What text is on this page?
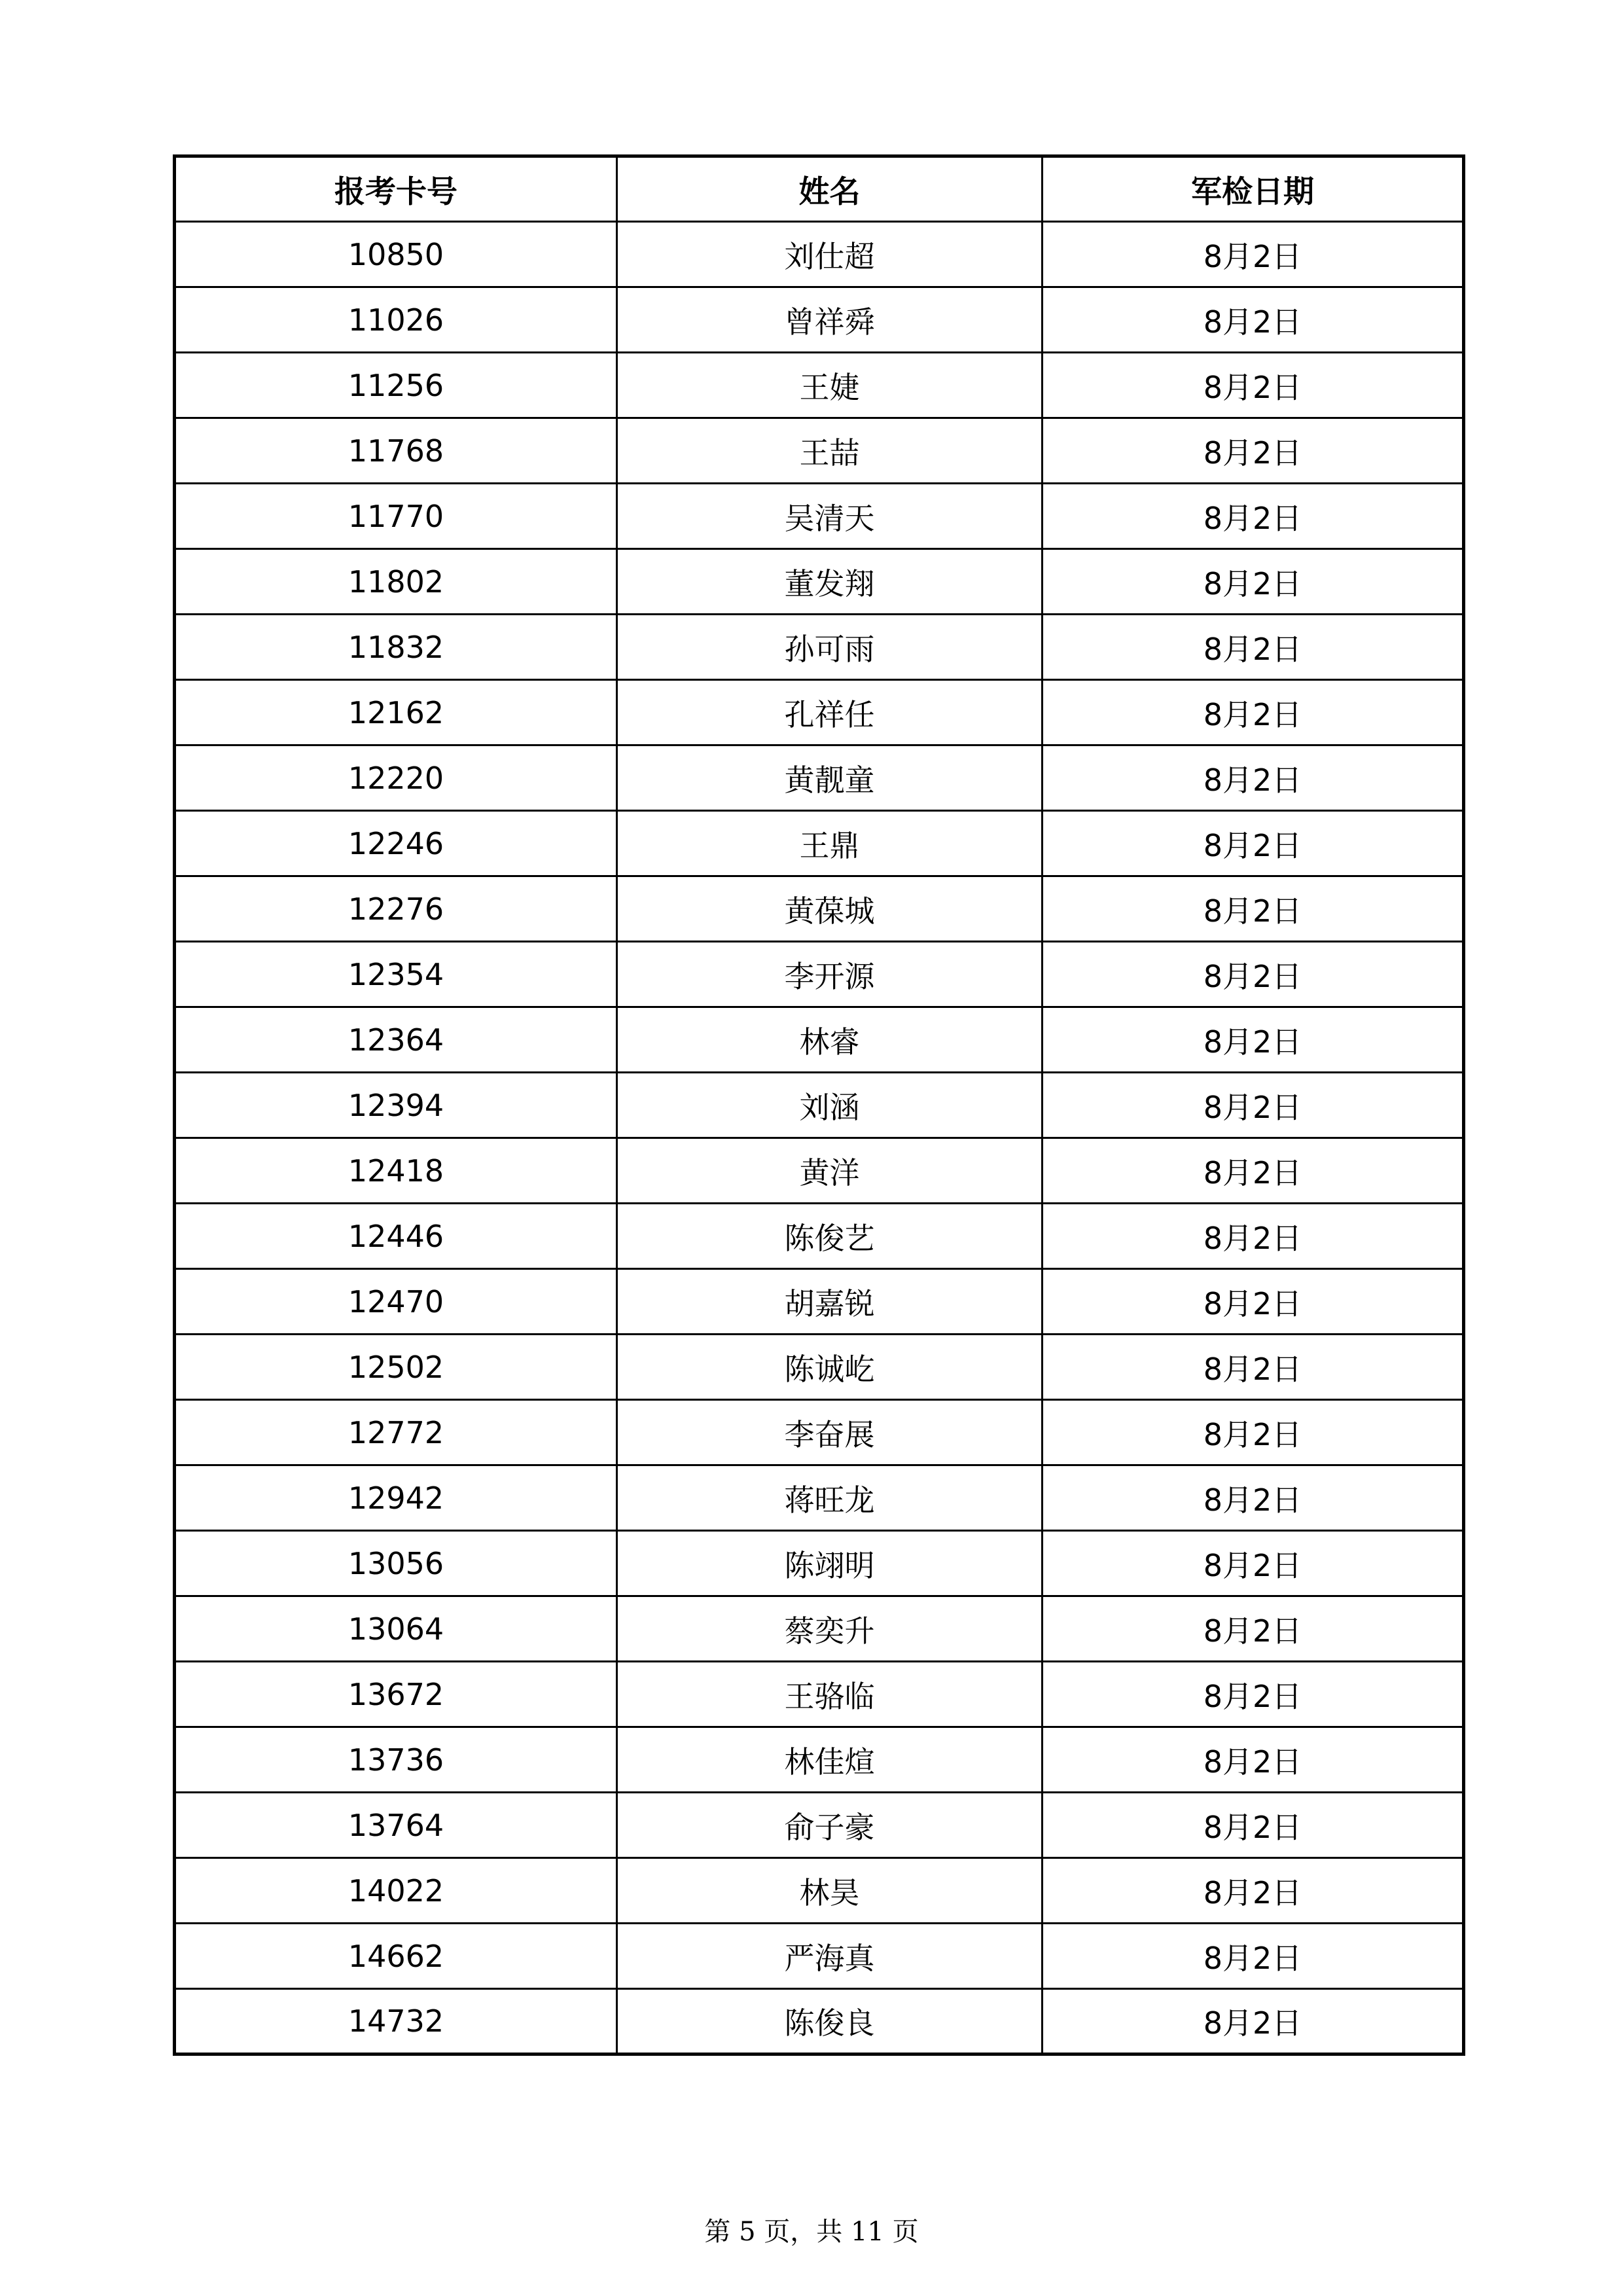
报考卡号	姓名	军检日期
10850	刘仕超	8月2日
11026	曾祥舜	8月2日
11256	王婕	8月2日
11768	王喆	8月2日
11770	吴清天	8月2日
11802	董发翔	8月2日
11832	孙可雨	8月2日
12162	孔祥任	8月2日
12220	黄靓童	8月2日
12246	王鼎	8月2日
12276	黄葆城	8月2日
12354	李开源	8月2日
12364	林睿	8月2日
12394	刘涵	8月2日
12418	黄洋	8月2日
12446	陈俊艺	8月2日
12470	胡嘉锐	8月2日
12502	陈诚屹	8月2日
12772	李奋展	8月2日
12942	蒋旺龙	8月2日
13056	陈翊明	8月2日
13064	蔡奕升	8月2日
13672	王骆临	8月2日
13736	林佳煊	8月2日
13764	俞子豪	8月2日
14022	林昊	8月2日
14662	严海真	8月2日
14732	陈俊良	8月2日
第 5 页，共 11 页
